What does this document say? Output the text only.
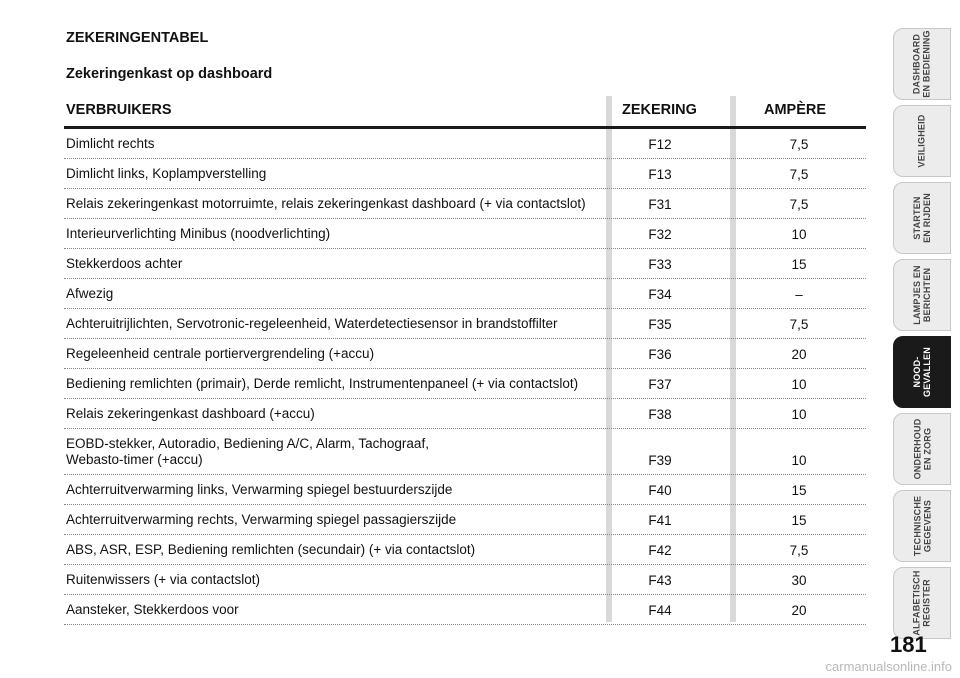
ZEKERINGENTABEL
Zekeringenkast op dashboard
VERBRUIKERS	ZEKERING	AMPÈRE
Dimlicht rechts	F12	7,5
Dimlicht links, Koplampverstelling	F13	7,5
Relais zekeringenkast motorruimte, relais zekeringenkast dashboard (+ via contactslot)	F31	7,5
Interieurverlichting Minibus (noodverlichting)	F32	10
Stekkerdoos achter	F33	15
Afwezig	F34	–
Achteruitrijlichten, Servotronic-regeleenheid, Waterdetectiesensor in brandstoffilter	F35	7,5
Regeleenheid centrale portiervergrendeling (+accu)	F36	20
Bediening remlichten (primair), Derde remlicht, Instrumentenpaneel (+ via contactslot)	F37	10
Relais zekeringenkast dashboard (+accu)	F38	10
EOBD-stekker, Autoradio, Bediening A/C, Alarm, Tachograaf,
Webasto-timer (+accu)	F39	10
Achterruitverwarming links, Verwarming spiegel bestuurderszijde	F40	15
Achterruitverwarming rechts, Verwarming spiegel passagierszijde	F41	15
ABS, ASR, ESP, Bediening remlichten (secundair) (+ via contactslot)	F42	7,5
Ruitenwissers (+ via contactslot)	F43	30
Aansteker, Stekkerdoos voor	F44	20
DASHBOARD
EN BEDIENING
VEILIGHEID
STARTEN
EN RIJDEN
LAMPJES EN
BERICHTEN
NOOD-
GEVALLEN
ONDERHOUD
EN ZORG
TECHNISCHE
GEGEVENS
ALFABETISCH
REGISTER
181
carmanualsonline.info
